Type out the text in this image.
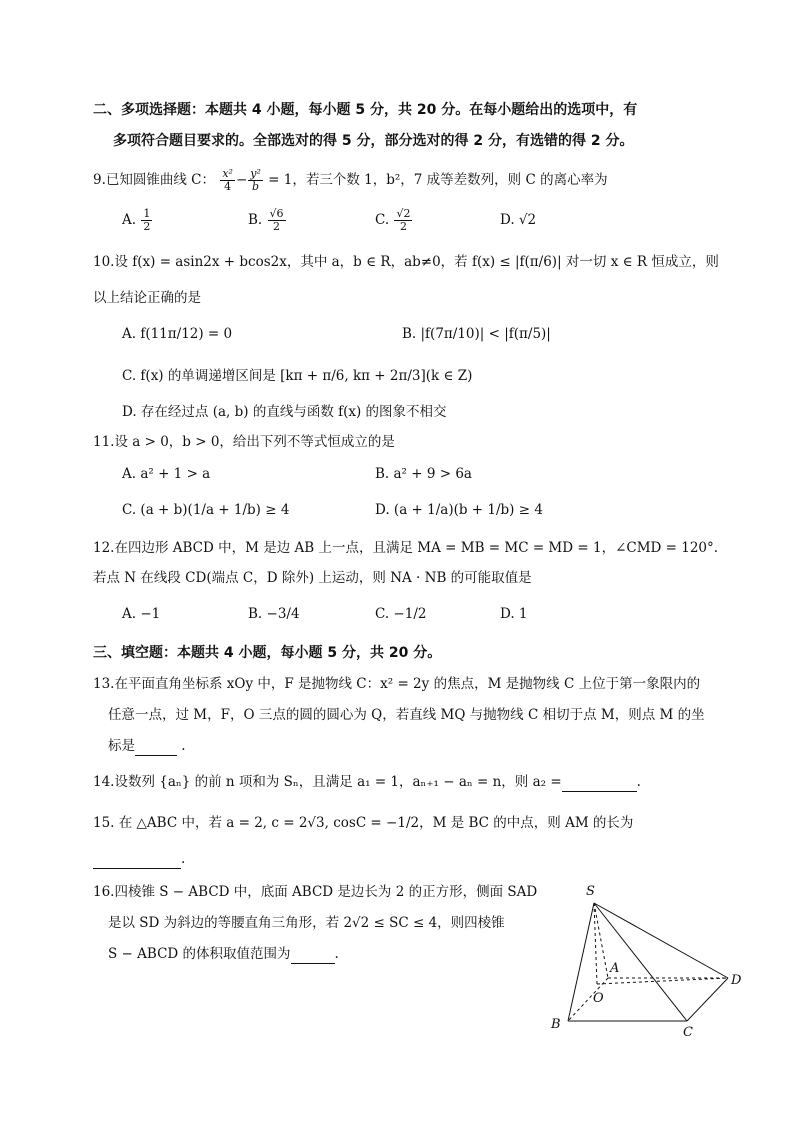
二、多项选择题：本题共 4 小题，每小题 5 分，共 20 分。在每小题给出的选项中，有
多项符合题目要求的。全部选对的得 5 分，部分选对的得 2 分，有选错的得 2 分。
9.已知圆锥曲线 C： $\frac{\text{x²}}{4} - \frac{\text{y²}}{b} = 1$，若三个数 1，b²，7 成等差数列，则 C 的离心率为
A. $\frac{1}{2}$	B. $\frac{√6}{2}$	C. $\frac{√2}{2}$	D. √2
10.设 f(x) = asin2x + bcos2x，其中 a，b ∈ R，ab≠0，若 f(x) ≤ |f(π/6)| 对一切 x ∈ R 恒成立，则
以上结论正确的是
A. f(11π/12) = 0	B. |f(7π/10)| < |f(π/5)|
C. f(x) 的单调递增区间是 [kπ + π/6, kπ + 2π/3](k ∈ Z)
D. 存在经过点 (a, b) 的直线与函数 f(x) 的图象不相交
11.设 a > 0，b > 0，给出下列不等式恒成立的是
A. a² + 1 > a	B. a² + 9 > 6a
C. (a + b)(1/a + 1/b) ≥ 4	D. (a + 1/a)(b + 1/b) ≥ 4
12.在四边形 ABCD 中，M 是边 AB 上一点，且满足 MA = MB = MC = MD = 1，∠CMD = 120°.
若点 N 在线段 CD(端点 C，D 除外) 上运动，则 NA · NB 的可能取值是
A. −1	B. −3/4	C. −1/2	D. 1
三、填空题：本题共 4 小题，每小题 5 分，共 20 分。
13.在平面直角坐标系 xOy 中，F 是抛物线 C：x² = 2y 的焦点，M 是抛物线 C 上位于第一象限内的
任意一点，过 M，F，O 三点的圆的圆心为 Q，若直线 MQ 与抛物线 C 相切于点 M，则点 M 的坐
标是	.
14.设数列 {aₙ} 的前 n 项和为 Sₙ，且满足 a₁ = 1，aₙ₊₁ − aₙ = n，则 a₂ =	.
15. 在 △ABC 中，若 a = 2, c = 2√3, cosC = −1/2，M 是 BC 的中点，则 AM 的长为
.
16.四棱锥 S − ABCD 中，底面 ABCD 是边长为 2 的正方形，侧面 SAD
是以 SD 为斜边的等腰直角三角形，若 2√2 ≤ SC ≤ 4，则四棱锥
S − ABCD 的体积取值范围为	.
S
A
O
B
C
D
